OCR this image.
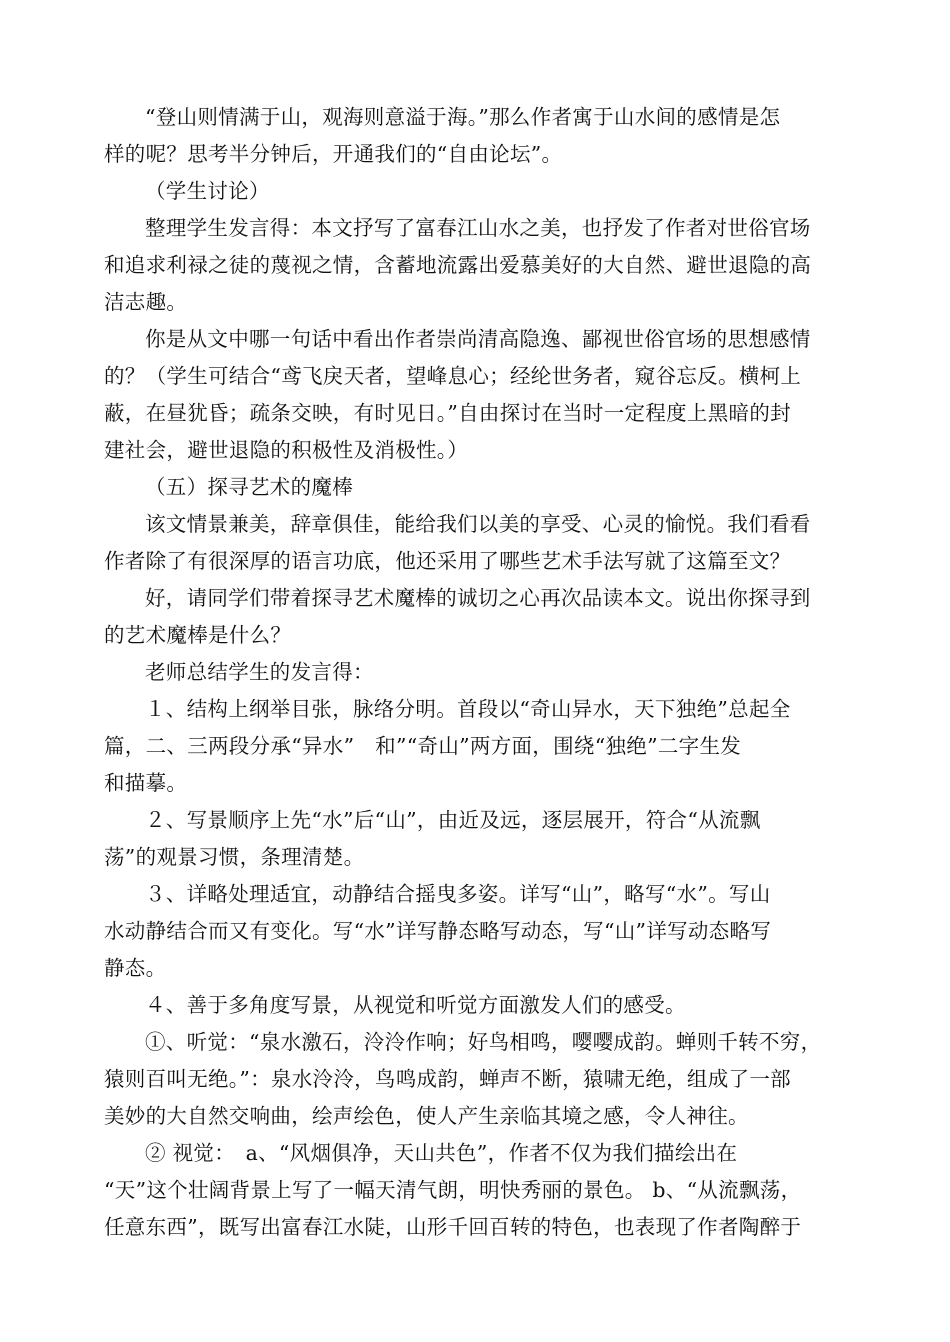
“登山则情满于山，观海则意溢于海。”那么作者寓于山水间的感情是怎
样的呢？思考半分钟后，开通我们的“自由论坛”。
（学生讨论）
整理学生发言得：本文抒写了富春江山水之美，也抒发了作者对世俗官场
和追求利禄之徒的蔑视之情，含蓄地流露出爱慕美好的大自然、避世退隐的高
洁志趣。
你是从文中哪一句话中看出作者崇尚清高隐逸、鄙视世俗官场的思想感情
的？（学生可结合“鸢飞戾天者，望峰息心；经纶世务者，窥谷忘反。横柯上
蔽，在昼犹昏；疏条交映，有时见日。”自由探讨在当时一定程度上黑暗的封
建社会，避世退隐的积极性及消极性。）
（五）探寻艺术的魔棒
该文情景兼美，辞章俱佳，能给我们以美的享受、心灵的愉悦。我们看看
作者除了有很深厚的语言功底，他还采用了哪些艺术手法写就了这篇至文？
好，请同学们带着探寻艺术魔棒的诚切之心再次品读本文。说出你探寻到
的艺术魔棒是什么？
老师总结学生的发言得：
１、结构上纲举目张，脉络分明。首段以“奇山异水，天下独绝”总起全
篇，二、三两段分承“异水”　和”“奇山”两方面，围绕“独绝”二字生发
和描摹。
２、写景顺序上先“水”后“山”，由近及远，逐层展开，符合“从流飘
荡”的观景习惯，条理清楚。
３、详略处理适宜，动静结合摇曳多姿。详写“山”，略写“水”。写山
水动静结合而又有变化。写“水”详写静态略写动态，写“山”详写动态略写
静态。
４、善于多角度写景，从视觉和听觉方面激发人们的感受。
①、听觉：“泉水激石，泠泠作响；好鸟相鸣，嘤嘤成韵。蝉则千转不穷，
猿则百叫无绝。”：泉水泠泠，鸟鸣成韵，蝉声不断，猿啸无绝，组成了一部
美妙的大自然交响曲，绘声绘色，使人产生亲临其境之感，令人神往。
② 视觉：　a、“风烟俱净，天山共色”，作者不仅为我们描绘出在
“天”这个壮阔背景上写了一幅天清气朗，明快秀丽的景色。 b、“从流飘荡，
任意东西”，既写出富春江水陡，山形千回百转的特色，也表现了作者陶醉于
